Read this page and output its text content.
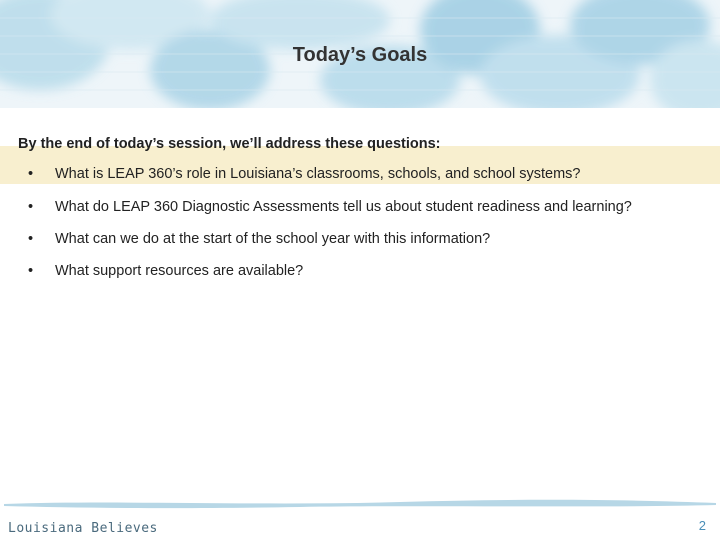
Today’s Goals
By the end of today’s session, we’ll address these questions:
• What is LEAP 360’s role in Louisiana’s classrooms, schools, and school systems?
• What do LEAP 360 Diagnostic Assessments tell us about student readiness and learning?
• What can we do at the start of the school year with this information?
• What support resources are available?
Louisiana Believes	2
